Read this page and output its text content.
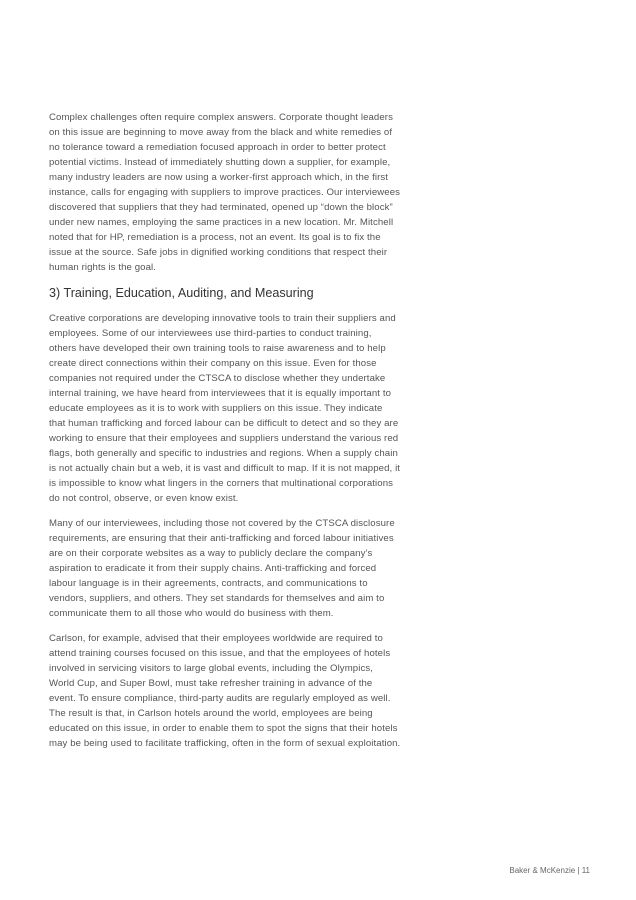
Complex challenges often require complex answers. Corporate thought leaders on this issue are beginning to move away from the black and white remedies of no tolerance toward a remediation focused approach in order to better protect potential victims. Instead of immediately shutting down a supplier, for example, many industry leaders are now using a worker-first approach which, in the first instance, calls for engaging with suppliers to improve practices. Our interviewees discovered that suppliers that they had terminated, opened up “down the block” under new names, employing the same practices in a new location. Mr. Mitchell noted that for HP, remediation is a process, not an event. Its goal is to fix the issue at the source. Safe jobs in dignified working conditions that respect their human rights is the goal.

3) Training, Education, Auditing, and Measuring

Creative corporations are developing innovative tools to train their suppliers and employees. Some of our interviewees use third-parties to conduct training, others have developed their own training tools to raise awareness and to help create direct connections within their company on this issue. Even for those companies not required under the CTSCA to disclose whether they undertake internal training, we have heard from interviewees that it is equally important to educate employees as it is to work with suppliers on this issue. They indicate that human trafficking and forced labour can be difficult to detect and so they are working to ensure that their employees and suppliers understand the various red flags, both generally and specific to industries and regions. When a supply chain is not actually chain but a web, it is vast and difficult to map. If it is not mapped, it is impossible to know what lingers in the corners that multinational corporations do not control, observe, or even know exist.

Many of our interviewees, including those not covered by the CTSCA disclosure requirements, are ensuring that their anti-trafficking and forced labour initiatives are on their corporate websites as a way to publicly declare the company’s aspiration to eradicate it from their supply chains. Anti-trafficking and forced labour language is in their agreements, contracts, and communications to vendors, suppliers, and others. They set standards for themselves and aim to communicate them to all those who would do business with them.

Carlson, for example, advised that their employees worldwide are required to attend training courses focused on this issue, and that the employees of hotels involved in servicing visitors to large global events, including the Olympics, World Cup, and Super Bowl, must take refresher training in advance of the event. To ensure compliance, third-party audits are regularly employed as well. The result is that, in Carlson hotels around the world, employees are being educated on this issue, in order to enable them to spot the signs that their hotels may be being used to facilitate trafficking, often in the form of sexual exploitation.

Baker & McKenzie | 11
